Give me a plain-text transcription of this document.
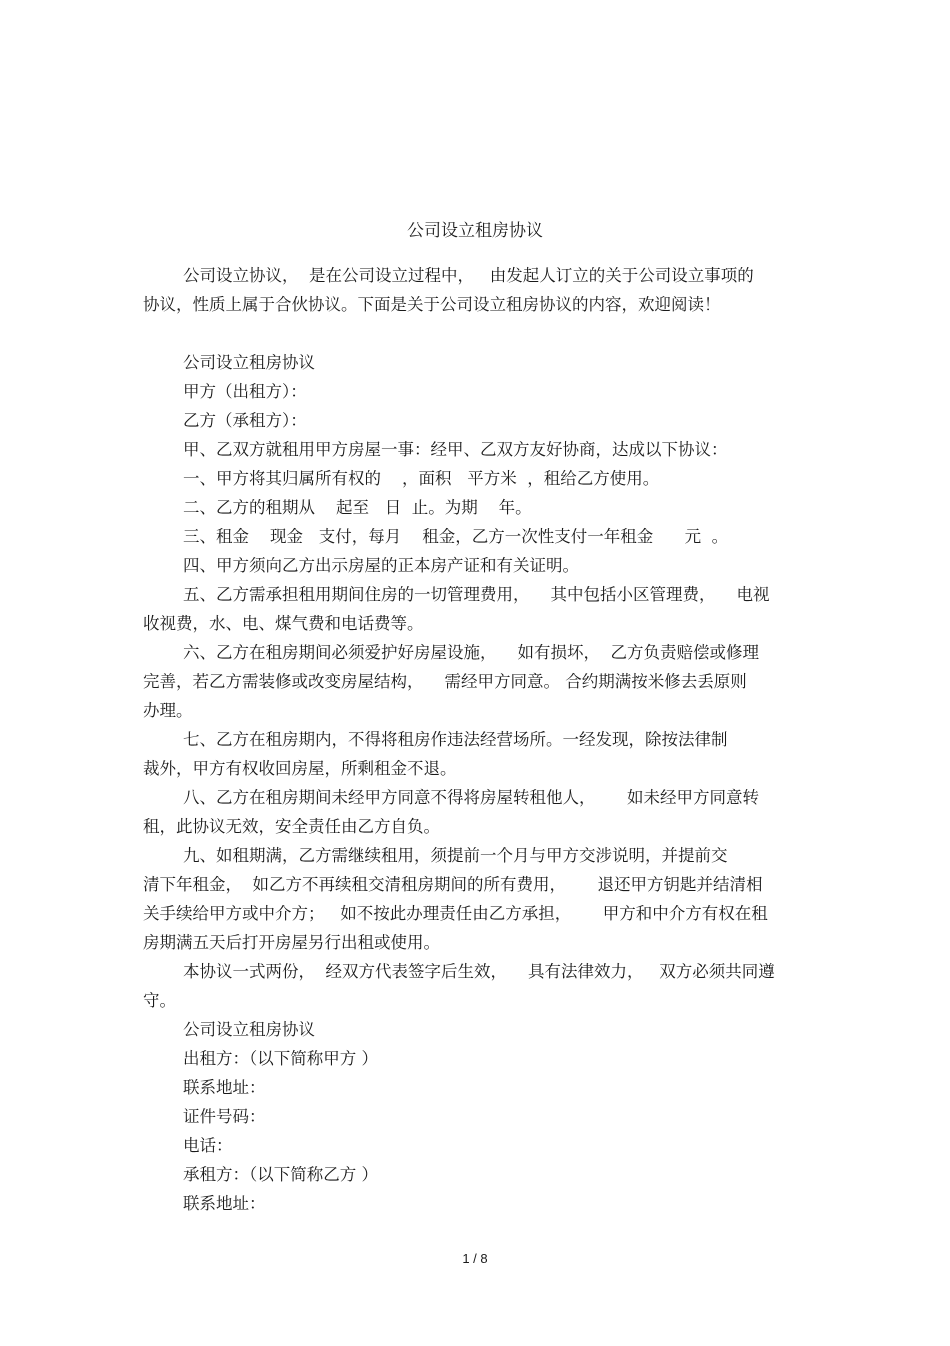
公司设立租房协议
公司设立协议，  是在公司设立过程中，   由发起人订立的关于公司设立事项的
协议，性质上属于合伙协议。下面是关于公司设立租房协议的内容，欢迎阅读！
公司设立租房协议
甲方（出租方）：
乙方（承租方）：
甲、乙双方就租用甲方房屋一事：经甲、乙双方友好协商，达成以下协议：
一、甲方将其归属所有权的    ，面积   平方米  ，租给乙方使用。
二、乙方的租期从    起至   日  止。为期    年。
三、租金    现金   支付，每月    租金，乙方一次性支付一年租金      元  。
四、甲方须向乙方出示房屋的正本房产证和有关证明。
五、乙方需承担租用期间住房的一切管理费用，    其中包括小区管理费，    电视
收视费，水、电、煤气费和电话费等。
六、乙方在租房期间必须爱护好房屋设施，    如有损坏，  乙方负责赔偿或修理
完善，若乙方需装修或改变房屋结构，    需经甲方同意。 合约期满按米修去丢原则
办理。
七、乙方在租房期内，不得将租房作违法经营场所。一经发现，除按法律制
裁外，甲方有权收回房屋，所剩租金不退。
八、乙方在租房期间未经甲方同意不得将房屋转租他人，      如未经甲方同意转
租，此协议无效，安全责任由乙方自负。
九、如租期满，乙方需继续租用，须提前一个月与甲方交涉说明，并提前交
清下年租金，  如乙方不再续租交清租房期间的所有费用，      退还甲方钥匙并结清相
关手续给甲方或中介方；   如不按此办理责任由乙方承担，      甲方和中介方有权在租
房期满五天后打开房屋另行出租或使用。
本协议一式两份，  经双方代表签字后生效，    具有法律效力，   双方必须共同遵
守。
公司设立租房协议
出租方：（以下简称甲方 ）
联系地址：
证件号码：
电话：
承租方：（以下简称乙方 ）
联系地址：
1 / 8
